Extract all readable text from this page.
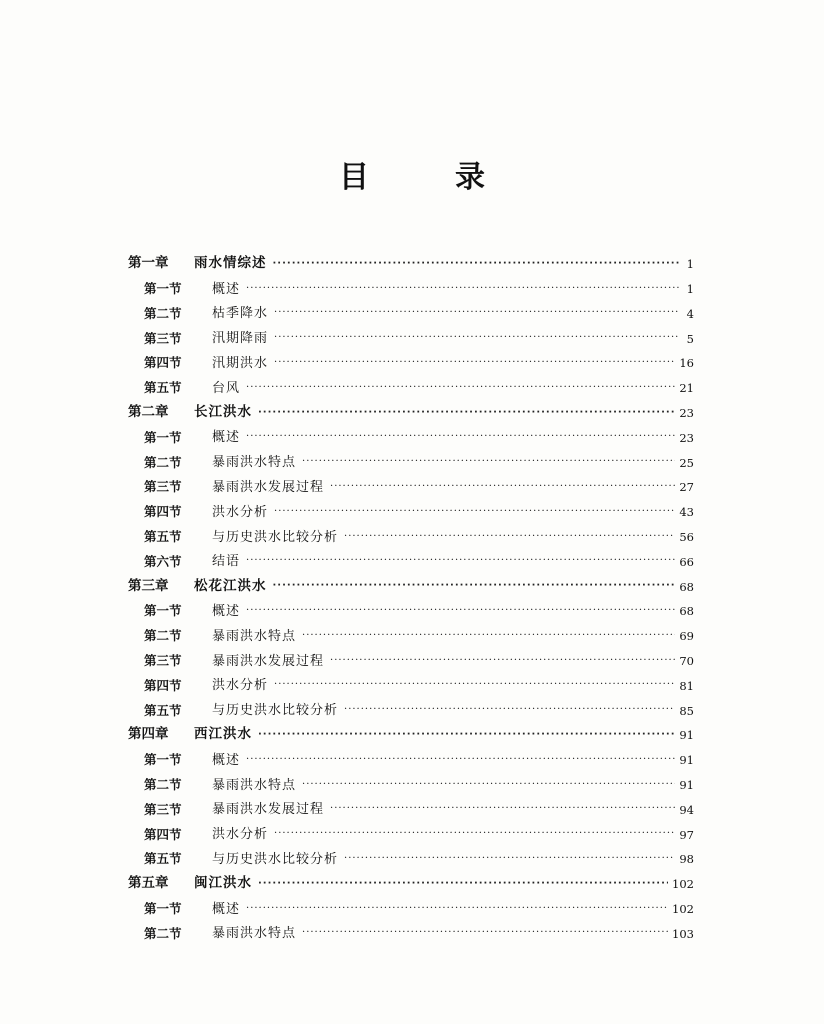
目	录
第一章	雨水情综述 ·····	1
第一节	概述 ·····	1
第二节	枯季降水 ·····	4
第三节	汛期降雨 ·····	5
第四节	汛期洪水 ·····	16
第五节	台风 ·····	21
第二章	长江洪水 ·····	23
第一节	概述 ·····	23
第二节	暴雨洪水特点 ·····	25
第三节	暴雨洪水发展过程 ·····	27
第四节	洪水分析 ·····	43
第五节	与历史洪水比较分析 ·····	56
第六节	结语 ·····	66
第三章	松花江洪水 ·····	68
第一节	概述 ·····	68
第二节	暴雨洪水特点 ·····	69
第三节	暴雨洪水发展过程 ·····	70
第四节	洪水分析 ·····	81
第五节	与历史洪水比较分析 ·····	85
第四章	西江洪水 ·····	91
第一节	概述 ·····	91
第二节	暴雨洪水特点 ·····	91
第三节	暴雨洪水发展过程 ·····	94
第四节	洪水分析 ·····	97
第五节	与历史洪水比较分析 ·····	98
第五章	闽江洪水 ·····	102
第一节	概述 ·····	102
第二节	暴雨洪水特点 ·····	103
